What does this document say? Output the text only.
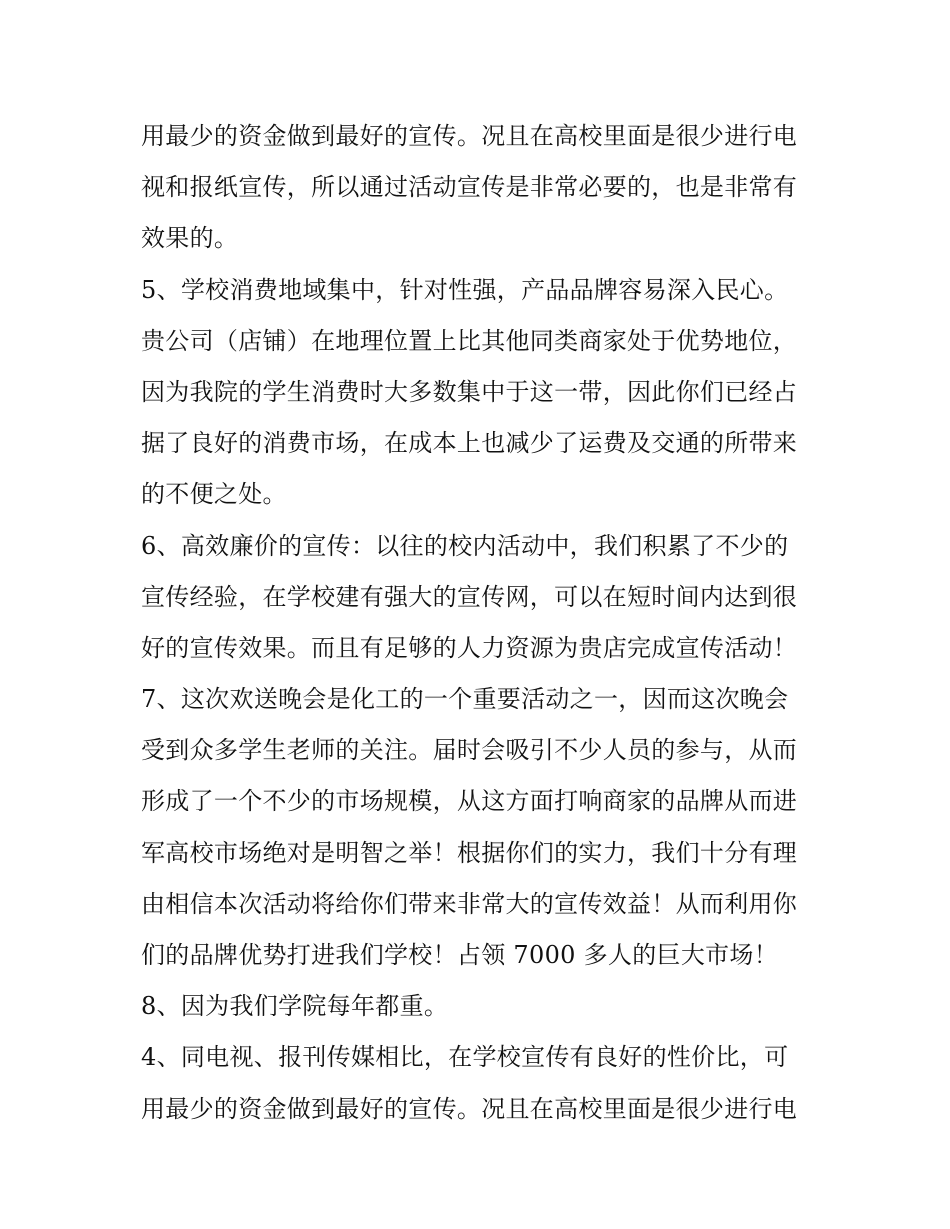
用最少的资金做到最好的宣传。况且在高校里面是很少进行电
视和报纸宣传，所以通过活动宣传是非常必要的，也是非常有
效果的。
5、学校消费地域集中，针对性强，产品品牌容易深入民心。
贵公司（店铺）在地理位置上比其他同类商家处于优势地位，
因为我院的学生消费时大多数集中于这一带，因此你们已经占
据了良好的消费市场，在成本上也减少了运费及交通的所带来
的不便之处。
6、高效廉价的宣传：以往的校内活动中，我们积累了不少的
宣传经验，在学校建有强大的宣传网，可以在短时间内达到很
好的宣传效果。而且有足够的人力资源为贵店完成宣传活动！
7、这次欢送晚会是化工的一个重要活动之一，因而这次晚会
受到众多学生老师的关注。届时会吸引不少人员的参与，从而
形成了一个不少的市场规模，从这方面打响商家的品牌从而进
军高校市场绝对是明智之举！根据你们的实力，我们十分有理
由相信本次活动将给你们带来非常大的宣传效益！从而利用你
们的品牌优势打进我们学校！占领 7000 多人的巨大市场！
8、因为我们学院每年都重。
4、同电视、报刊传媒相比，在学校宣传有良好的性价比，可
用最少的资金做到最好的宣传。况且在高校里面是很少进行电
